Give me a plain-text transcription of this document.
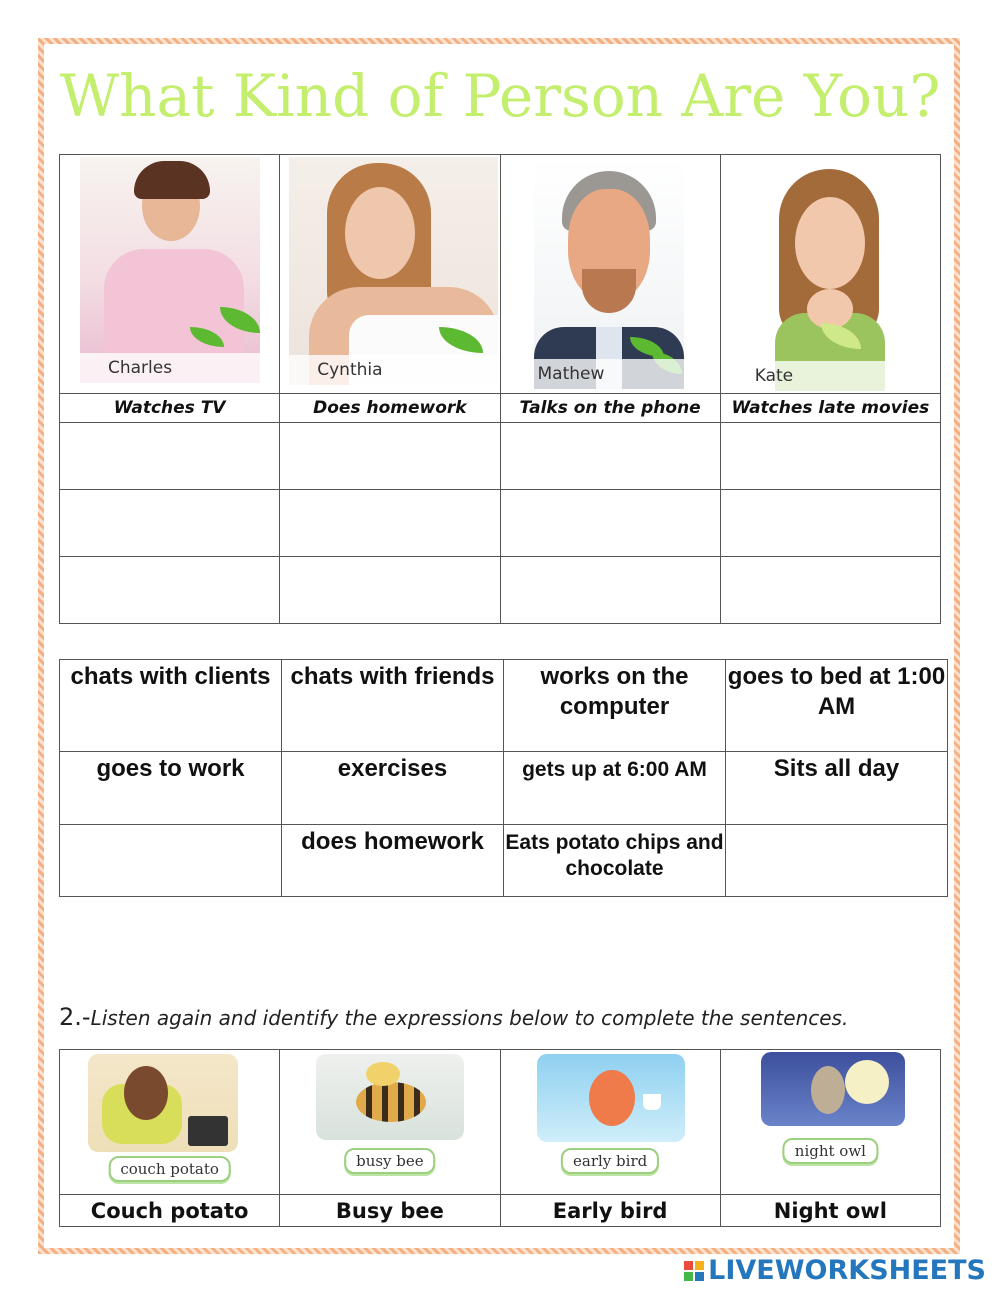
What Kind of Person Are You?
Charles	Cynthia	Mathew	Kate

Watches TV	Does homework	Talks on the phone	Watches late movies

chats with clients	chats with friends	works on the computer	goes to bed at 1:00 AM
goes to work	exercises	gets up at 6:00 AM	Sits all day
	does homework	Eats potato chips and chocolate	
2.-Listen again and identify the expressions below to complete the sentences.
couch potato	busy bee	early bird	night owl

Couch potato	Busy bee	Early bird	Night owl
LIVEWORKSHEETS
